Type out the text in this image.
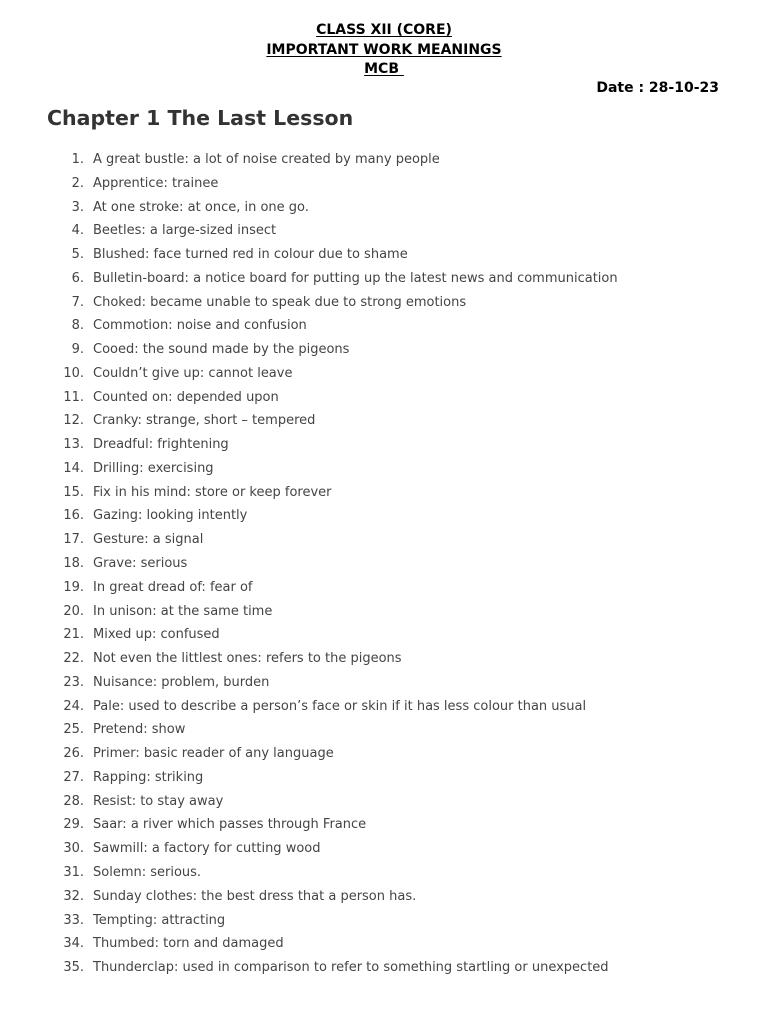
CLASS XII (CORE)
IMPORTANT WORK MEANINGS
MCB
Date : 28-10-23
Chapter 1 The Last Lesson
1. A great bustle: a lot of noise created by many people
2. Apprentice: trainee
3. At one stroke: at once, in one go.
4. Beetles: a large-sized insect
5. Blushed: face turned red in colour due to shame
6. Bulletin-board: a notice board for putting up the latest news and communication
7. Choked: became unable to speak due to strong emotions
8. Commotion: noise and confusion
9. Cooed: the sound made by the pigeons
10. Couldn’t give up: cannot leave
11. Counted on: depended upon
12. Cranky: strange, short – tempered
13. Dreadful: frightening
14. Drilling: exercising
15. Fix in his mind: store or keep forever
16. Gazing: looking intently
17. Gesture: a signal
18. Grave: serious
19. In great dread of: fear of
20. In unison: at the same time
21. Mixed up: confused
22. Not even the littlest ones: refers to the pigeons
23. Nuisance: problem, burden
24. Pale: used to describe a person’s face or skin if it has less colour than usual
25. Pretend: show
26. Primer: basic reader of any language
27. Rapping: striking
28. Resist: to stay away
29. Saar: a river which passes through France
30. Sawmill: a factory for cutting wood
31. Solemn: serious.
32. Sunday clothes: the best dress that a person has.
33. Tempting: attracting
34. Thumbed: torn and damaged
35. Thunderclap: used in comparison to refer to something startling or unexpected
